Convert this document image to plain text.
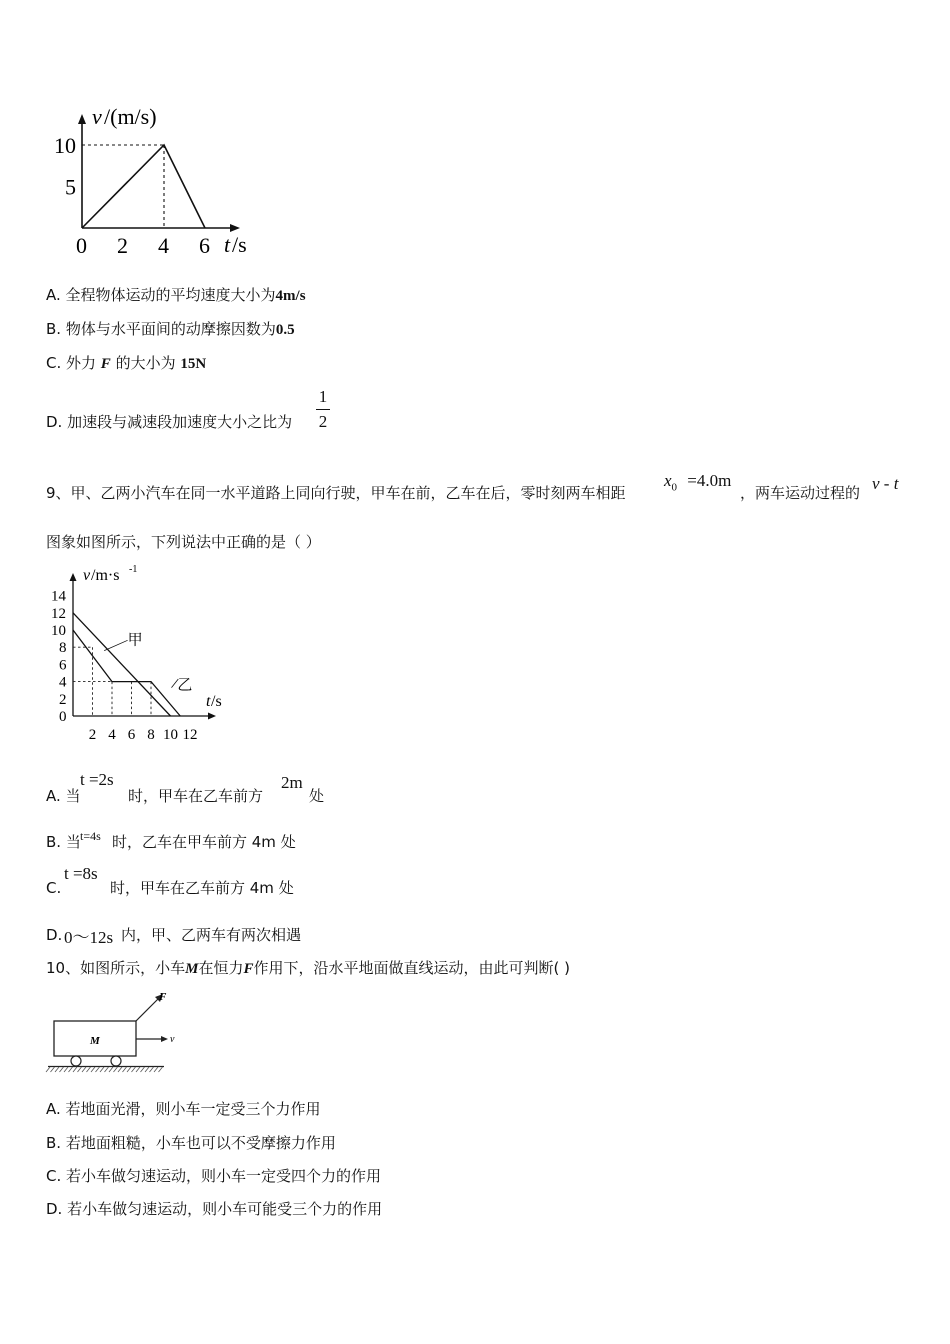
0 2 4 6
5
10
v /(m/s)
t /s
A. 全程物体运动的平均速度大小为4m/s
B. 物体与水平面间的动摩擦因数为0.5
C. 外力 F 的大小为 15N
D. 加速段与减速段加速度大小之比为
1
2
9、甲、乙两小汽车在同一水平道路上同向行驶，甲车在前，乙车在后，零时刻两车相距
$x_0 =4.0m$
，两车运动过程的 v - t
图象如图所示，下列说法中正确的是（ ）
甲
乙
2 4 6 8 10 12
0
2
4
6
8
10
12
14
v /m·s -1
t /s
A. 当
t =2s
时，甲车在乙车前方
2m
处
B. 当 t=4s 时，乙车在甲车前方 4m 处
C.
t =8s
时，甲车在乙车前方 4m 处
D. 0～12s 内，甲、乙两车有两次相遇
10、如图所示，小车M在恒力F作用下，沿水平地面做直线运动，由此可判断( )
M
F
v
A. 若地面光滑，则小车一定受三个力作用
B. 若地面粗糙，小车也可以不受摩擦力作用
C. 若小车做匀速运动，则小车一定受四个力的作用
D. 若小车做匀速运动，则小车可能受三个力的作用
